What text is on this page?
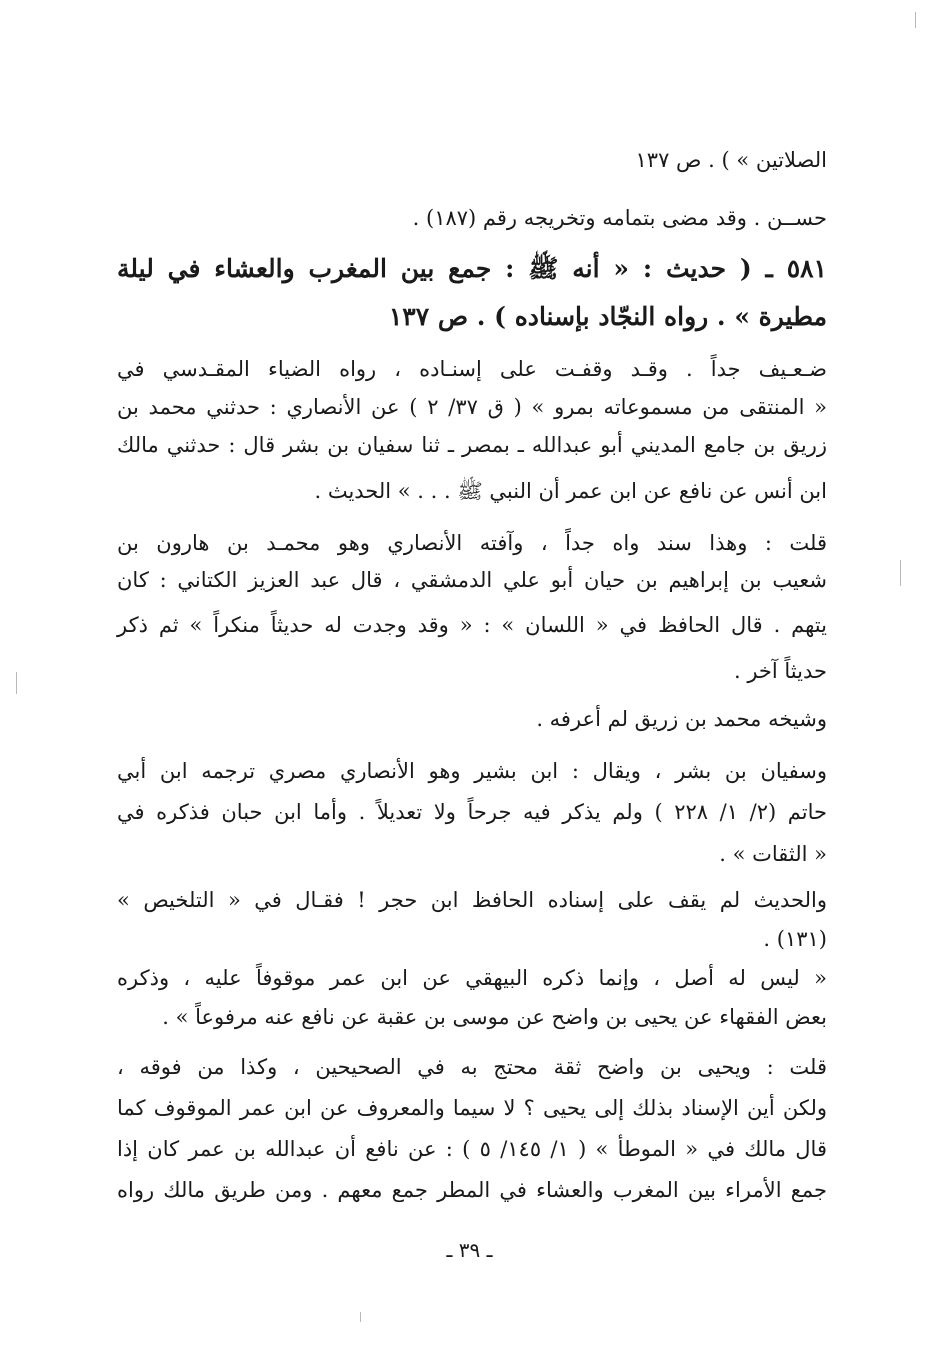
الصلاتين » ) . ص ١٣٧
حســن . وقد مضى بتمامه وتخريجه رقم (١٨٧) .
٥٨١ ـ ( حديث : « أنه ﷺ : جمع بين المغرب والعشاء في ليلة
مطيرة » . رواه النجّاد بإسناده ) . ص ١٣٧
ضـعـيف جداً . وقـد وقفـت على إسنـاده ، رواه الضياء المقـدسي في
« المنتقى من مسموعاته بمرو » ( ق ٣٧/ ٢ ) عن الأنصاري : حدثني محمد بن
زريق بن جامع المديني أبو عبدالله ـ بمصر ـ ثنا سفيان بن بشر قال : حدثني مالك
ابن أنس عن نافع عن ابن عمر أن النبي ﷺ . . . » الحديث .
قلت : وهذا سند واه جداً ، وآفته الأنصاري وهو محمـد بن هارون بن
شعيب بن إبراهيم بن حيان أبو علي الدمشقي ، قال عبد العزيز الكتاني : كان
يتهم . قال الحافظ في « اللسان » : « وقد وجدت له حديثاً منكراً » ثم ذكر
حديثاً آخر .
وشيخه محمد بن زريق لم أعرفه .
وسفيان بن بشر ، ويقال : ابن بشير وهو الأنصاري مصري ترجمه ابن أبي
حاتم (٢/ ١/ ٢٢٨ ) ولم يذكر فيه جرحاً ولا تعديلاً . وأما ابن حبان فذكره في
« الثقات » .
والحديث لم يقف على إسناده الحافظ ابن حجر ! فقـال في « التلخيص »
(١٣١) .
« ليس له أصل ، وإنما ذكره البيهقي عن ابن عمر موقوفاً عليه ، وذكره
بعض الفقهاء عن يحيى بن واضح عن موسى بن عقبة عن نافع عنه مرفوعاً » .
قلت : ويحيى بن واضح ثقة محتج به في الصحيحين ، وكذا من فوقه ،
ولكن أين الإسناد بذلك إلى يحيى ؟ لا سيما والمعروف عن ابن عمر الموقوف كما
قال مالك في « الموطأ » ( ١/ ١٤٥/ ٥ ) : عن نافع أن عبدالله بن عمر كان إذا
جمع الأمراء بين المغرب والعشاء في المطر جمع معهم . ومن طريق مالك رواه
ـ ٣٩ ـ
